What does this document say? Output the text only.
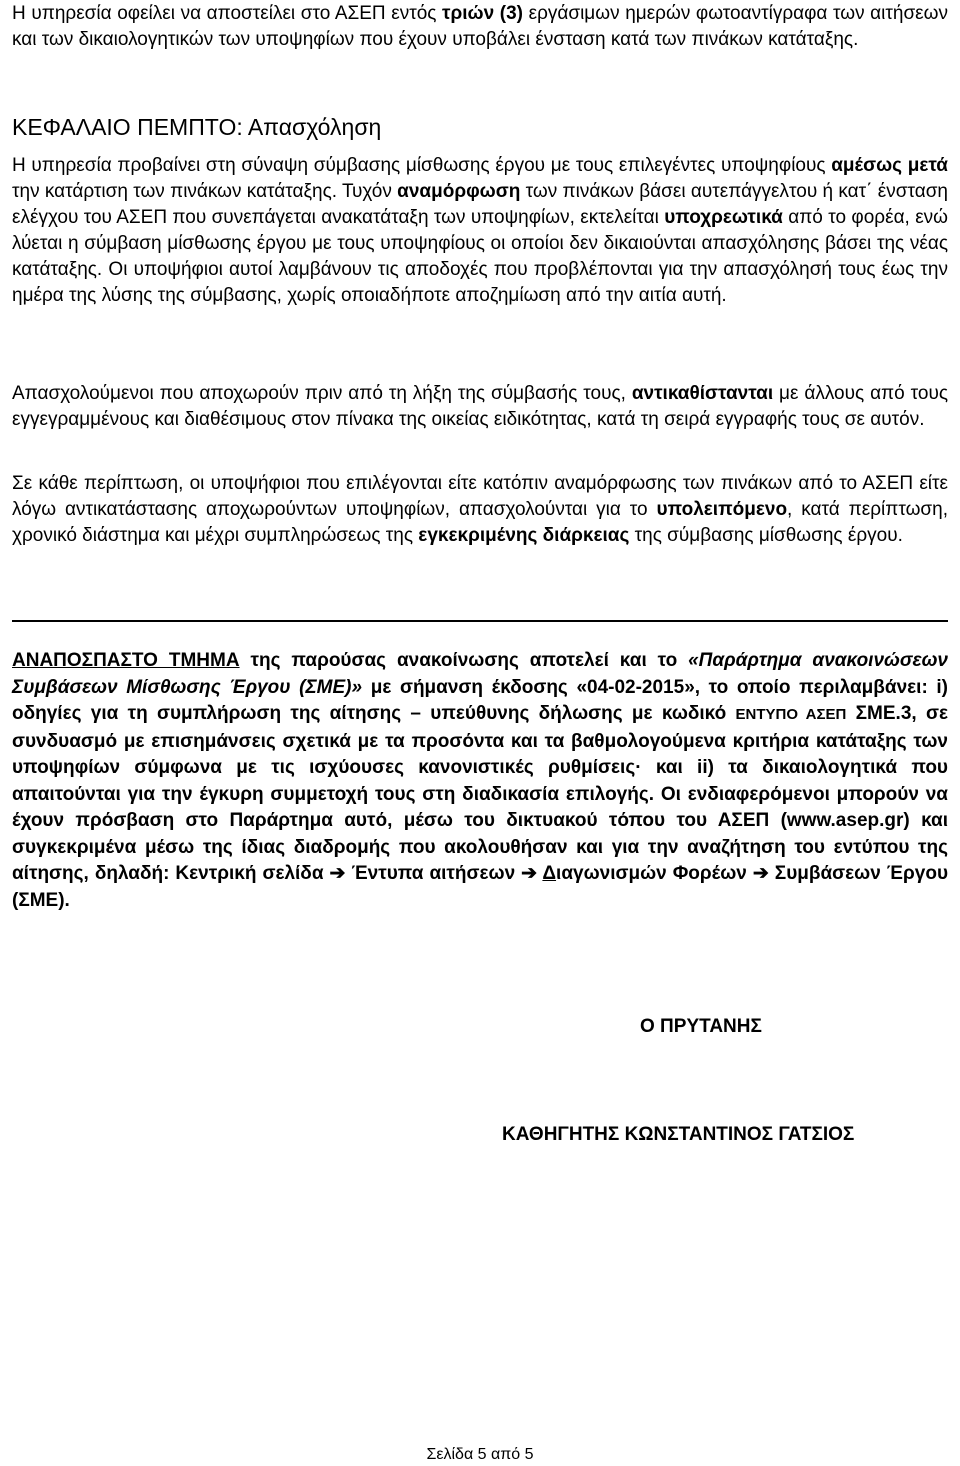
Η υπηρεσία οφείλει να αποστείλει στο ΑΣΕΠ εντός τριών (3) εργάσιμων ημερών φωτοαντίγραφα των αιτήσεων και των δικαιολογητικών των υποψηφίων που έχουν υποβάλει ένσταση κατά των πινάκων κατάταξης.

ΚΕΦΑΛΑΙΟ ΠΕΜΠΤΟ: Απασχόληση

Η υπηρεσία προβαίνει στη σύναψη σύμβασης μίσθωσης έργου με τους επιλεγέντες υποψηφίους αμέσως μετά την κατάρτιση των πινάκων κατάταξης. Τυχόν αναμόρφωση των πινάκων βάσει αυτεπάγγελτου ή κατ΄ ένσταση ελέγχου του ΑΣΕΠ που συνεπάγεται ανακατάταξη των υποψηφίων, εκτελείται υποχρεωτικά από το φορέα, ενώ λύεται η σύμβαση μίσθωσης έργου με τους υποψηφίους οι οποίοι δεν δικαιούνται απασχόλησης βάσει της νέας κατάταξης. Οι υποψήφιοι αυτοί λαμβάνουν τις αποδοχές που προβλέπονται για την απασχόλησή τους έως την ημέρα της λύσης της σύμβασης, χωρίς οποιαδήποτε αποζημίωση από την αιτία αυτή.

Απασχολούμενοι που αποχωρούν πριν από τη λήξη της σύμβασής τους, αντικαθίστανται με άλλους από τους εγγεγραμμένους και διαθέσιμους στον πίνακα της οικείας ειδικότητας, κατά τη σειρά εγγραφής τους σε αυτόν.

Σε κάθε περίπτωση, οι υποψήφιοι που επιλέγονται είτε κατόπιν αναμόρφωσης των πινάκων από το ΑΣΕΠ είτε λόγω αντικατάστασης αποχωρούντων υποψηφίων, απασχολούνται για το υπολειπόμενο, κατά περίπτωση, χρονικό διάστημα και μέχρι συμπληρώσεως της εγκεκριμένης διάρκειας της σύμβασης μίσθωσης έργου.

ΑΝΑΠΟΣΠΑΣΤΟ ΤΜΗΜΑ της παρούσας ανακοίνωσης αποτελεί και το «Παράρτημα ανακοινώσεων Συμβάσεων Μίσθωσης Έργου (ΣΜΕ)» με σήμανση έκδοσης «04-02-2015», το οποίο περιλαμβάνει: i) οδηγίες για τη συμπλήρωση της αίτησης – υπεύθυνης δήλωσης με κωδικό ΕΝΤΥΠΟ ΑΣΕΠ ΣΜΕ.3, σε συνδυασμό με επισημάνσεις σχετικά με τα προσόντα και τα βαθμολογούμενα κριτήρια κατάταξης των υποψηφίων σύμφωνα με τις ισχύουσες κανονιστικές ρυθμίσεις· και ii) τα δικαιολογητικά που απαιτούνται για την έγκυρη συμμετοχή τους στη διαδικασία επιλογής. Οι ενδιαφερόμενοι μπορούν να έχουν πρόσβαση στο Παράρτημα αυτό, μέσω του δικτυακού τόπου του ΑΣΕΠ (www.asep.gr) και συγκεκριμένα μέσω της ίδιας διαδρομής που ακολουθήσαν και για την αναζήτηση του εντύπου της αίτησης, δηλαδή: Κεντρική σελίδα ➔ Έντυπα αιτήσεων ➔ Διαγωνισμών Φορέων ➔ Συμβάσεων Έργου (ΣΜΕ).

Ο ΠΡΥΤΑΝΗΣ
ΚΑΘΗΓΗΤΗΣ ΚΩΝΣΤΑΝΤΙΝΟΣ ΓΑΤΣΙΟΣ
Σελίδα 5 από 5
